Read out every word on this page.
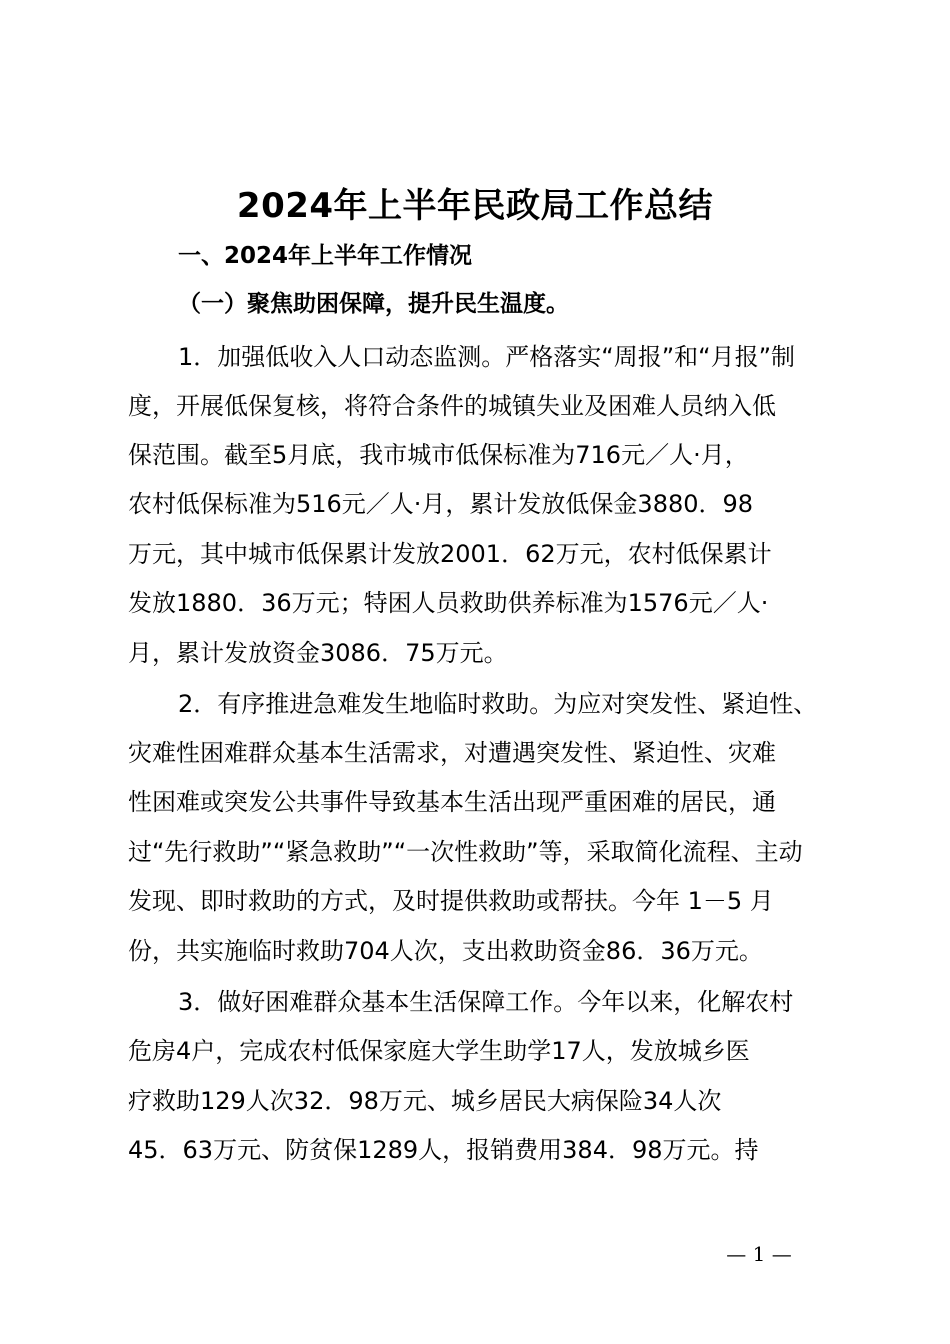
2024年上半年民政局工作总结
一、2024年上半年工作情况
（一）聚焦助困保障，提升民生温度。

1．加强低收入人口动态监测。严格落实“周报”和“月报”制

度，开展低保复核，将符合条件的城镇失业及困难人员纳入低

保范围。截至5月底，我市城市低保标准为716元／人·月，

农村低保标准为516元／人·月，累计发放低保金3880．98

万元，其中城市低保累计发放2001．62万元，农村低保累计

发放1880．36万元；特困人员救助供养标准为1576元／人·

月，累计发放资金3086．75万元。

2．有序推进急难发生地临时救助。为应对突发性、紧迫性、

灾难性困难群众基本生活需求，对遭遇突发性、紧迫性、灾难

性困难或突发公共事件导致基本生活出现严重困难的居民，通

过“先行救助”“紧急救助”“一次性救助”等，采取简化流程、主动

发现、即时救助的方式，及时提供救助或帮扶。今年 1－5 月

份，共实施临时救助704人次，支出救助资金86．36万元。

3．做好困难群众基本生活保障工作。今年以来，化解农村

危房4户，完成农村低保家庭大学生助学17人，发放城乡医

疗救助129人次32．98万元、城乡居民大病保险34人次

45．63万元、防贫保1289人，报销费用384．98万元。持

— 1 —
